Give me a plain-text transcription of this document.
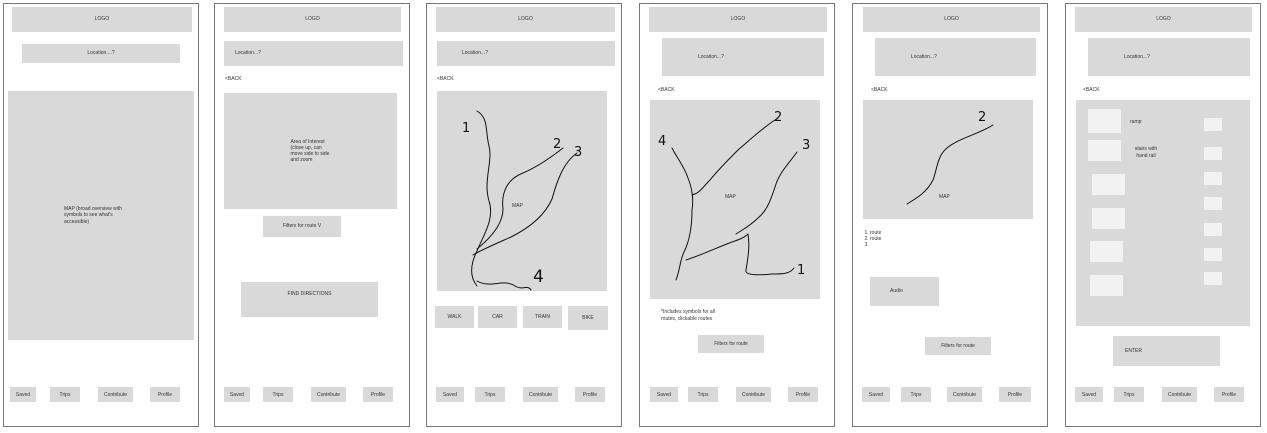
LOGO
Location....?
MAP (broad overview with symbols to see what's accessible)
Saved	Trips	Contribute	Profile
LOGO
Location...?
<BACK
Area of Interest (close up, can move side to side and zoom
Filters for route V
FIND DIRECTIONS
Saved	Trips	Contribute	Profile
LOGO
Location...?
<BACK
1
2
3
4
MAP
WALK	CAR	TRAIN	BIKE
Saved	Trips	Contribute	Profile
LOGO
Location...?
<BACK
4
2
3
1
MAP
*Includes symbols for all routes, clickable routes
Filters for route
Saved	Trips	Contribute	Profile
LOGO
Location...?
<BACK
2
MAP
1. route
2. route
3.
Audio
Filters for route
Saved	Trips	Contribute	Profile
LOGO
Location...?
<BACK
ramp
stairs with hand rail
ENTER
Saved	Trips	Contribute	Profile
